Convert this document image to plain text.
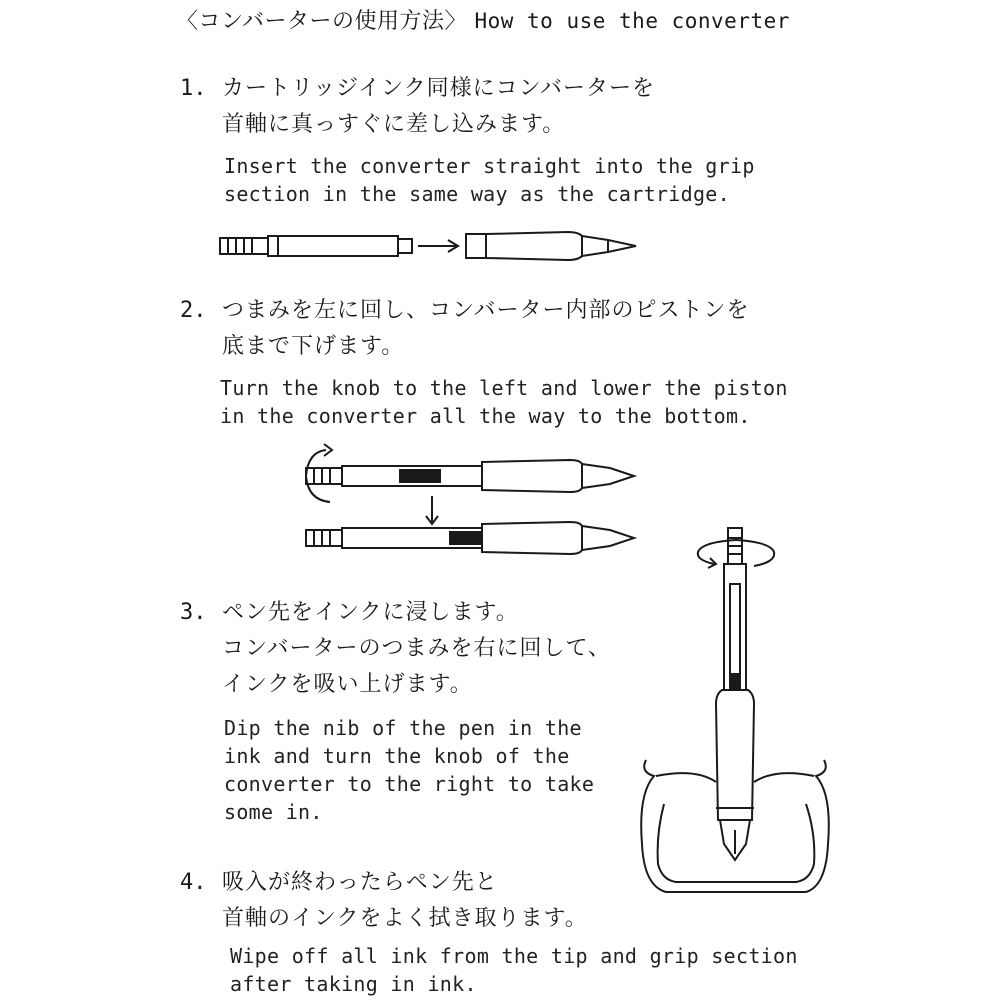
〈コンバーターの使用方法〉 How to use the converter
1. カートリッジインク同様にコンバーターを
首軸に真っすぐに差し込みます。
Insert the converter straight into the grip
section in the same way as the cartridge.
2. つまみを左に回し、コンバーター内部のピストンを
底まで下げます。
Turn the knob to the left and lower the piston
in the converter all the way to the bottom.
3. ペン先をインクに浸します。
コンバーターのつまみを右に回して、
インクを吸い上げます。
Dip the nib of the pen in the
ink and turn the knob of the
converter to the right to take
some in.
4. 吸入が終わったらペン先と
首軸のインクをよく拭き取ります。
Wipe off all ink from the tip and grip section
after taking in ink.
